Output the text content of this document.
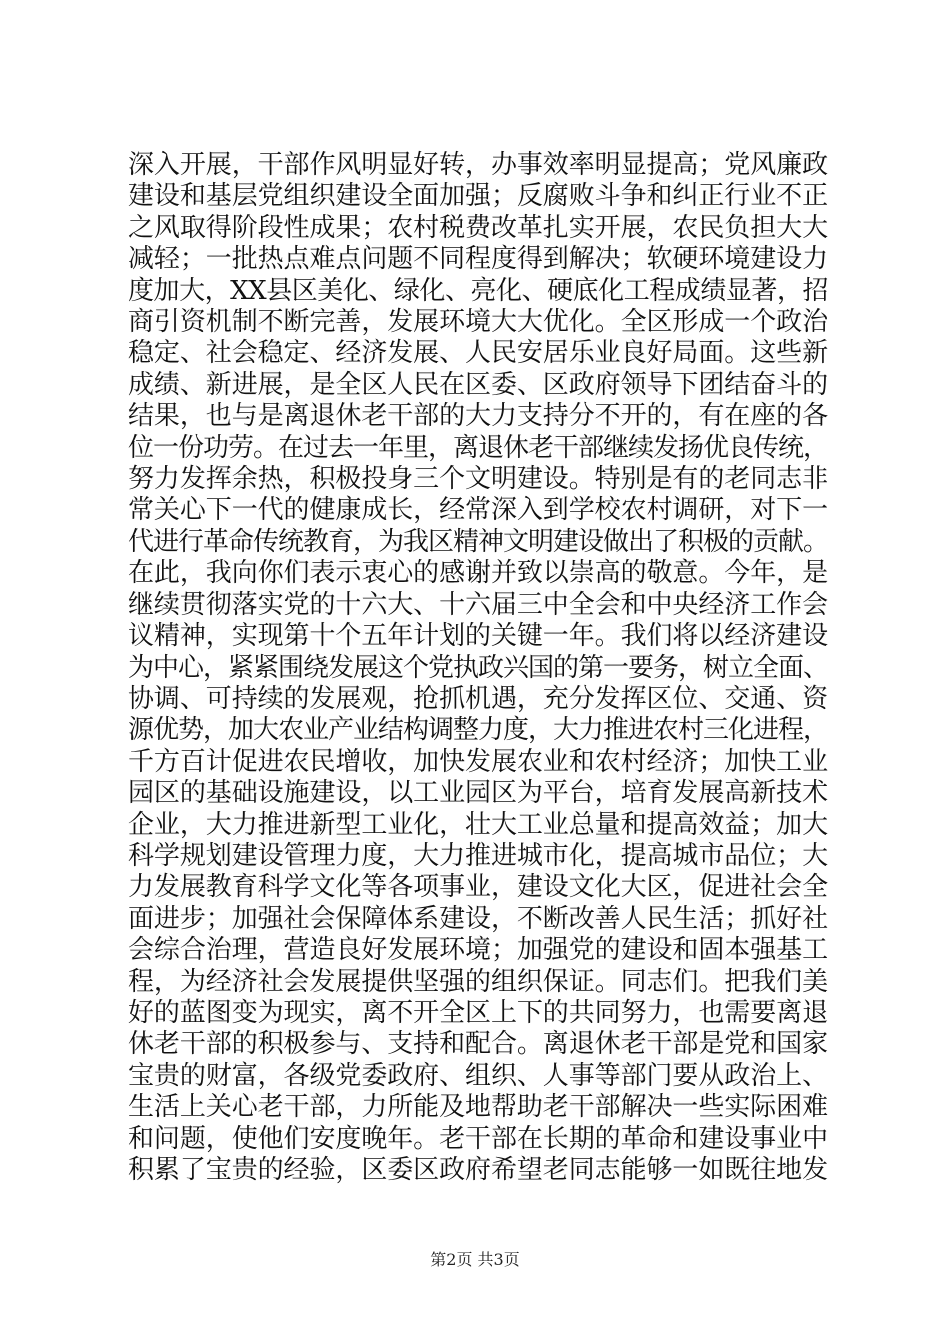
深入开展，干部作风明显好转，办事效率明显提高；党风廉政
建设和基层党组织建设全面加强；反腐败斗争和纠正行业不正
之风取得阶段性成果；农村税费改革扎实开展，农民负担大大
减轻；一批热点难点问题不同程度得到解决；软硬环境建设力
度加大，XX县区美化、绿化、亮化、硬底化工程成绩显著，招
商引资机制不断完善，发展环境大大优化。全区形成一个政治
稳定、社会稳定、经济发展、人民安居乐业良好局面。这些新
成绩、新进展，是全区人民在区委、区政府领导下团结奋斗的
结果，也与是离退休老干部的大力支持分不开的，有在座的各
位一份功劳。在过去一年里，离退休老干部继续发扬优良传统，
努力发挥余热，积极投身三个文明建设。特别是有的老同志非
常关心下一代的健康成长，经常深入到学校农村调研，对下一
代进行革命传统教育，为我区精神文明建设做出了积极的贡献。
在此，我向你们表示衷心的感谢并致以崇高的敬意。今年，是
继续贯彻落实党的十六大、十六届三中全会和中央经济工作会
议精神，实现第十个五年计划的关键一年。我们将以经济建设
为中心，紧紧围绕发展这个党执政兴国的第一要务，树立全面、
协调、可持续的发展观，抢抓机遇，充分发挥区位、交通、资
源优势，加大农业产业结构调整力度，大力推进农村三化进程，
千方百计促进农民增收，加快发展农业和农村经济；加快工业
园区的基础设施建设，以工业园区为平台，培育发展高新技术
企业，大力推进新型工业化，壮大工业总量和提高效益；加大
科学规划建设管理力度，大力推进城市化，提高城市品位；大
力发展教育科学文化等各项事业，建设文化大区，促进社会全
面进步；加强社会保障体系建设，不断改善人民生活；抓好社
会综合治理，营造良好发展环境；加强党的建设和固本强基工
程，为经济社会发展提供坚强的组织保证。同志们。把我们美
好的蓝图变为现实，离不开全区上下的共同努力，也需要离退
休老干部的积极参与、支持和配合。离退休老干部是党和国家
宝贵的财富，各级党委政府、组织、人事等部门要从政治上、
生活上关心老干部，力所能及地帮助老干部解决一些实际困难
和问题，使他们安度晚年。老干部在长期的革命和建设事业中
积累了宝贵的经验，区委区政府希望老同志能够一如既往地发

第2页 共3页
